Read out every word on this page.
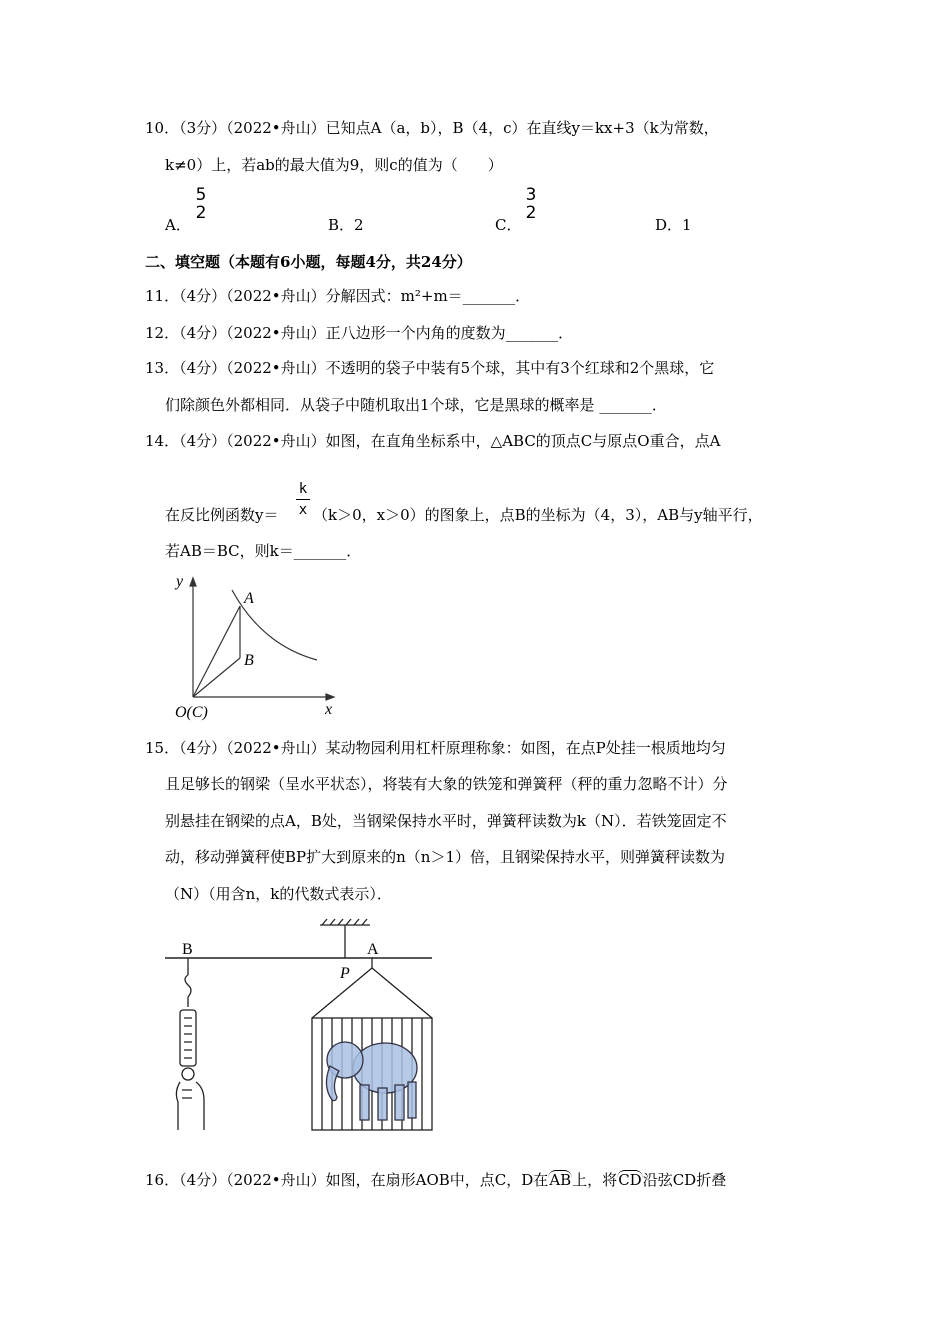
10．（3分）（2022•舟山）已知点A（a，b），B（4，c）在直线y＝kx+3（k为常数，
k≠0）上，若ab的最大值为9，则c的值为（　　）
A．
5
2
B．2	C．
3
2
D．1
二、填空题（本题有6小题，每题4分，共24分）
11．（4分）（2022•舟山）分解因式：m²+m＝_______．
12．（4分）（2022•舟山）正八边形一个内角的度数为_______．
13．（4分）（2022•舟山）不透明的袋子中装有5个球，其中有3个红球和2个黑球，它
们除颜色外都相同．从袋子中随机取出1个球，它是黑球的概率是 _______．
14．（4分）（2022•舟山）如图，在直角坐标系中，△ABC的顶点C与原点O重合，点A
在反比例函数y＝
k
x （k＞0，x＞0）的图象上，点B的坐标为（4，3），AB与y轴平行，
若AB＝BC，则k＝_______．
y
x
A
B
O(C)
B	A
P
15．（4分）（2022•舟山）某动物园利用杠杆原理称象：如图，在点P处挂一根质地均匀
且足够长的钢梁（呈水平状态），将装有大象的铁笼和弹簧秤（秤的重力忽略不计）分
别悬挂在钢梁的点A，B处，当钢梁保持水平时，弹簧秤读数为k（N）．若铁笼固定不
动，移动弹簧秤使BP扩大到原来的n（n＞1）倍，且钢梁保持水平，则弹簧秤读数为
（N）（用含n，k的代数式表示）．
16．（4分）（2022•舟山）如图，在扇形AOB中，点C，D在AB上，将CD沿弦CD折叠
